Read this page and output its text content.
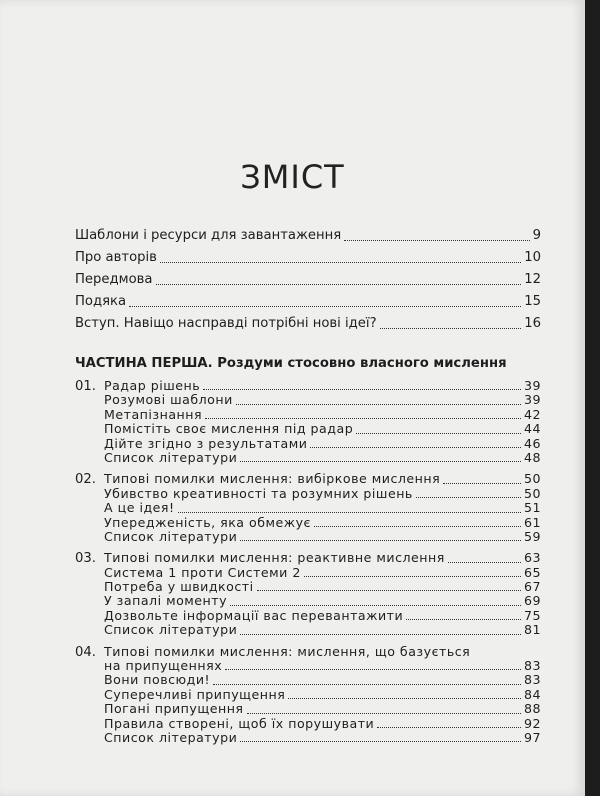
ЗМІСТ
Шаблони і ресурси для завантаження	9
Про авторів	10
Передмова	12
Подяка	15
Вступ. Навіщо насправді потрібні нові ідеї?	16
ЧАСТИНА ПЕРША. Роздуми стосовно власного мислення
01. Радар рішень	39
Розумові шаблони	39
Метапізнання	42
Помістіть своє мислення під радар	44
Дійте згідно з результатами	46
Список літератури	48
02. Типові помилки мислення: вибіркове мислення	50
Убивство креативності та розумних рішень	50
А це ідея!	51
Упередженість, яка обмежує	61
Список літератури	59
03. Типові помилки мислення: реактивне мислення	63
Система 1 проти Системи 2	65
Потреба у швидкості	67
У запалі моменту	69
Дозвольте інформації вас перевантажити	75
Список літератури	81
04. Типові помилки мислення: мислення, що базується
на припущеннях	83
Вони повсюди!	83
Суперечливі припущення	84
Погані припущення	88
Правила створені, щоб їх порушувати	92
Список літератури	97
